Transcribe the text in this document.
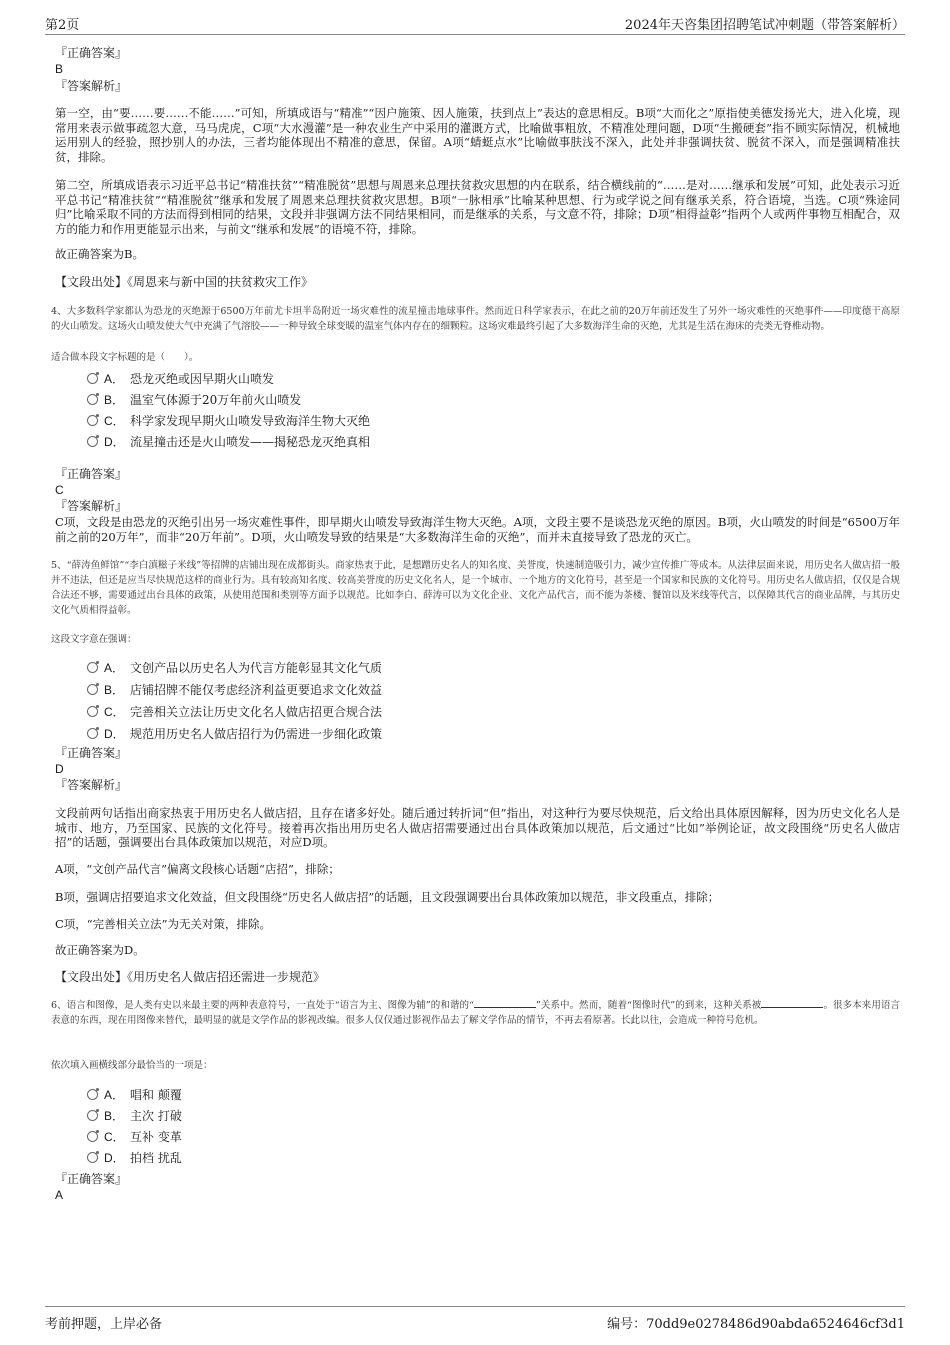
第2页	2024年天咨集团招聘笔试冲刺题（带答案解析）
『正确答案』
B
『答案解析』
第一空，由“要……要……不能……”可知，所填成语与“精准”“因户施策、因人施策，扶到点上”表达的意思相反。B项“大而化之”原指使美德发扬光大，进入化境，现常用来表示做事疏忽大意，马马虎虎，C项“大水漫灌”是一种农业生产中采用的灌溉方式，比喻做事粗放，不精准处理问题，D项“生搬硬套”指不顾实际情况，机械地运用别人的经验，照抄别人的办法，三者均能体现出不精准的意思，保留。A项“蜻蜓点水”比喻做事肤浅不深入，此处并非强调扶贫、脱贫不深入，而是强调精准扶贫，排除。
第二空，所填成语表示习近平总书记“精准扶贫”“精准脱贫”思想与周恩来总理扶贫救灾思想的内在联系，结合横线前的“……是对……继承和发展”可知，此处表示习近平总书记“精准扶贫”“精准脱贫”继承和发展了周恩来总理扶贫救灾思想。B项“一脉相承”比喻某种思想、行为或学说之间有继承关系，符合语境，当选。C项“殊途同归”比喻采取不同的方法而得到相同的结果，文段并非强调方法不同结果相同，而是继承的关系，与文意不符，排除；D项“相得益彰”指两个人或两件事物互相配合，双方的能力和作用更能显示出来，与前文“继承和发展”的语境不符，排除。
故正确答案为B。
【文段出处】《周恩来与新中国的扶贫救灾工作》
4、大多数科学家都认为恐龙的灭绝源于6500万年前尤卡坦半岛附近一场灾难性的流星撞击地球事件。然而近日科学家表示，在此之前的20万年前还发生了另外一场灾难性的灭绝事件——印度德干高原的火山喷发。这场火山喷发使大气中充满了气溶胶——一种导致全球变暖的温室气体内存在的细颗粒。这场灾难最终引起了大多数海洋生命的灭绝，尤其是生活在海床的壳类无脊椎动物。
适合做本段文字标题的是（　　）。
A． 恐龙灭绝或因早期火山喷发
B． 温室气体源于20万年前火山喷发
C． 科学家发现早期火山喷发导致海洋生物大灭绝
D． 流星撞击还是火山喷发——揭秘恐龙灭绝真相
『正确答案』
C
『答案解析』
C项，文段是由恐龙的灭绝引出另一场灾难性事件，即早期火山喷发导致海洋生物大灭绝。A项，文段主要不是谈恐龙灭绝的原因。B项，火山喷发的时间是“6500万年前之前的20万年”，而非“20万年前”。D项，火山喷发导致的结果是“大多数海洋生命的灭绝”，而并未直接导致了恐龙的灭亡。
5、“薛涛鱼鲜馆”“李白滇糍子米线”等招牌的店铺出现在成都街头。商家热衷于此，是想蹭历史名人的知名度、美誉度，快速制造吸引力，减少宣传推广等成本。从法律层面来说，用历史名人做店招一般并不违法，但还是应当尽快规范这样的商业行为。具有较高知名度、较高美誉度的历史文化名人，是一个城市、一个地方的文化符号，甚至是一个国家和民族的文化符号。用历史名人做店招，仅仅是合规合法还不够，需要通过出台具体的政策，从使用范围和类别等方面予以规范。比如李白、薛涛可以为文化企业、文化产品代言，而不能为茶楼、餐馆以及米线等代言，以保障其代言的商业品牌，与其历史文化气质相得益彰。
这段文字意在强调：
A． 文创产品以历史名人为代言方能彰显其文化气质
B． 店铺招牌不能仅考虑经济利益更要追求文化效益
C． 完善相关立法让历史文化名人做店招更合规合法
D． 规范用历史名人做店招行为仍需进一步细化政策
『正确答案』
D
『答案解析』
文段前两句话指出商家热衷于用历史名人做店招，且存在诸多好处。随后通过转折词“但”指出，对这种行为要尽快规范，后文给出具体原因解释，因为历史文化名人是城市、地方，乃至国家、民族的文化符号。接着再次指出用历史名人做店招需要通过出台具体政策加以规范，后文通过“比如”举例论证，故文段围绕“历史名人做店招”的话题，强调要出台具体政策加以规范，对应D项。
A项，“文创产品代言”偏离文段核心话题“店招”，排除；
B项，强调店招要追求文化效益，但文段围绕“历史名人做店招”的话题，且文段强调要出台具体政策加以规范，非文段重点，排除；
C项，“完善相关立法”为无关对策，排除。
故正确答案为D。
【文段出处】《用历史名人做店招还需进一步规范》
6、语言和图像，是人类有史以来最主要的两种表意符号，一直处于“语言为主、图像为辅”的和谐的“	”关系中。然而，随着“图像时代”的到来，这种关系被	。很多本来用语言表意的东西，现在用图像来替代，最明显的就是文学作品的影视改编。很多人仅仅通过影视作品去了解文学作品的情节，不再去看原著。长此以往，会造成一种符号危机。
依次填入画横线部分最恰当的一项是：
A． 唱和 颠覆
B． 主次 打破
C． 互补 变革
D． 拍档 扰乱
『正确答案』
A
考前押题，上岸必备	编号：70dd9e0278486d90abda6524646cf3d1
